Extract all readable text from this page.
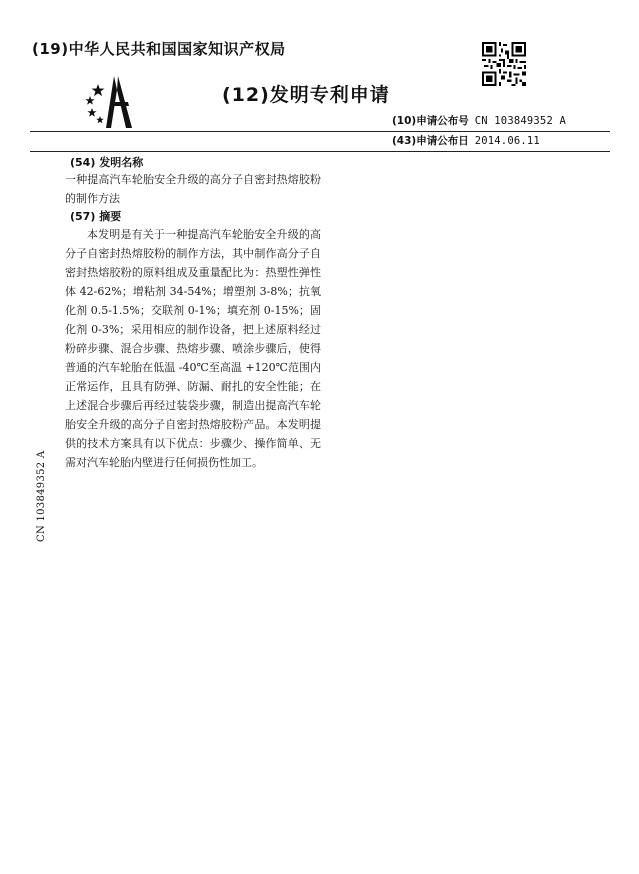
(19)中华人民共和国国家知识产权局
(12)发明专利申请
(10)申请公布号 CN 103849352 A
(43)申请公布日 2014.06.11
(54) 发明名称
一种提高汽车轮胎安全升级的高分子自密封热熔胶粉的制作方法
(57) 摘要
本发明是有关于一种提高汽车轮胎安全升级的高分子自密封热熔胶粉的制作方法，其中制作高分子自密封热熔胶粉的原料组成及重量配比为：热塑性弹性体 42-62%；增粘剂 34-54%；增塑剂 3-8%；抗氧化剂 0.5-1.5%；交联剂 0-1%；填充剂 0-15%；固化剂 0-3%；采用相应的制作设备，把上述原料经过粉碎步骤、混合步骤、热熔步骤、喷涂步骤后，使得普通的汽车轮胎在低温 -40℃至高温 +120℃范围内正常运作，且具有防弹、防漏、耐扎的安全性能；在上述混合步骤后再经过装袋步骤，制造出提高汽车轮胎安全升级的高分子自密封热熔胶粉产品。本发明提供的技术方案具有以下优点：步骤少、操作简单、无需对汽车轮胎内壁进行任何损伤性加工。
CN 103849352 A
